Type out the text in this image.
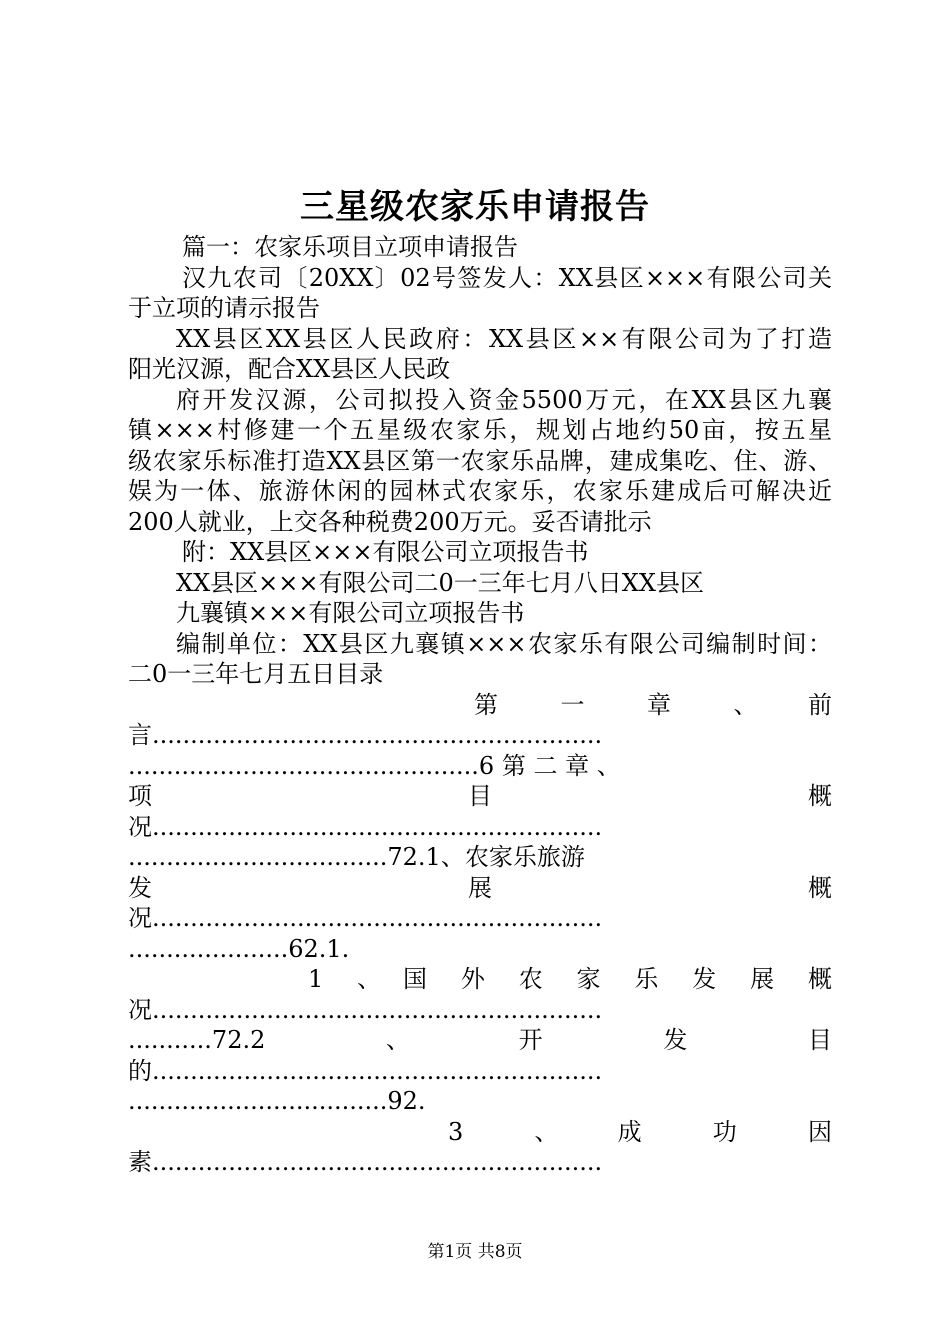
三星级农家乐申请报告
篇一：农家乐项目立项申请报告
汉九农司〔20XX〕02号签发人：XX县区×××有限公司关
于立项的请示报告
XX县区XX县区人民政府：XX县区××有限公司为了打造
阳光汉源，配合XX县区人民政
府开发汉源，公司拟投入资金5500万元，在XX县区九襄
镇×××村修建一个五星级农家乐，规划占地约50亩，按五星
级农家乐标准打造XX县区第一农家乐品牌，建成集吃、住、游、
娱为一体、旅游休闲的园林式农家乐，农家乐建成后可解决近
200人就业，上交各种税费200万元。妥否请批示
附：XX县区×××有限公司立项报告书
XX县区×××有限公司二0一三年七月八日XX县区
九襄镇×××有限公司立项报告书
编制单位：XX县区九襄镇×××农家乐有限公司编制时间：
二0一三年七月五日目录
第　一　章　、　前
言...........................................................
..............................................6 第 二 章 、
项　　　　　　　　　　　目　　　　　　　　　　　概
况...........................................................
..................................72.1、农家乐旅游
发　　　　　　　　　　　展　　　　　　　　　　　概
况...........................................................
.....................62.1.
1　、　国　外　农　家　乐　发　展　概
况...........................................................
...........72.2　　　、　　　开　　　发　　　目
的...........................................................
..................................92.
3　　、　　成　　功　　因
素...........................................................
第1页 共8页
